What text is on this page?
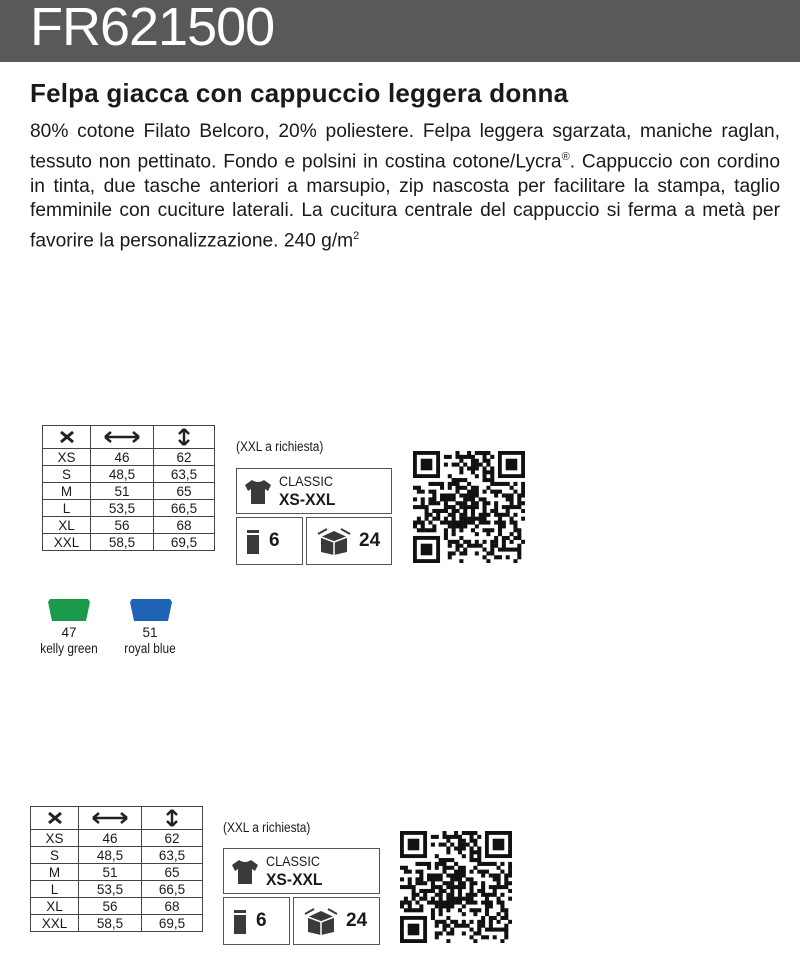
FR621500
Felpa giacca con cappuccio leggera donna
80% cotone Filato Belcoro, 20% poliestere. Felpa leggera sgarzata, maniche raglan, tessuto non pettinato. Fondo e polsini in costina cotone/Lycra®. Cappuccio con cordino in tinta, due tasche anteriori a marsupio, zip nascosta per facilitare la stampa, taglio femminile con cuciture laterali. La cucitura centrale del cappuccio si ferma a metà per favorire la personalizzazione. 240 $g/m^2$

XS	46	62
S	48,5	63,5
M	51	65
L	53,5	66,5
XL	56	68
XXL	58,5	69,5
(XXL a richiesta)
CLASSIC
XS-XXL
6	24
47
kelly green
51
royal blue

XS	46	62
S	48,5	63,5
M	51	65
L	53,5	66,5
XL	56	68
XXL	58,5	69,5
(XXL a richiesta)
CLASSIC
XS-XXL
6	24
